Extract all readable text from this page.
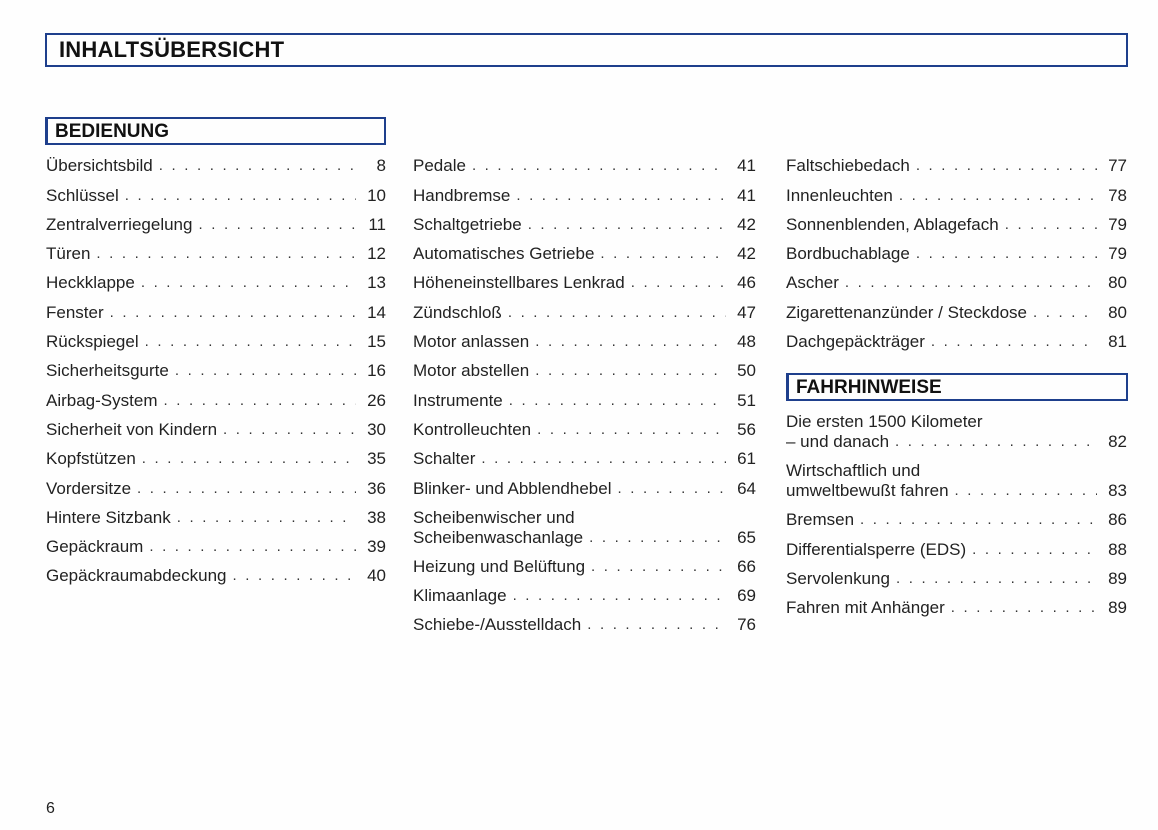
INHALTSÜBERSICHT
BEDIENUNG
Übersichtsbild . . .	8
Schlüssel . . .	10
Zentralverriegelung . . .	11
Türen . . .	12
Heckklappe . . .	13
Fenster . . .	14
Rückspiegel . . .	15
Sicherheitsgurte . . .	16
Airbag-System . . .	26
Sicherheit von Kindern . . .	30
Kopfstützen . . .	35
Vordersitze . . .	36
Hintere Sitzbank . . .	38
Gepäckraum . . .	39
Gepäckraumabdeckung . . .	40
Pedale . . .	41
Handbremse . . .	41
Schaltgetriebe . . .	42
Automatisches Getriebe . . .	42
Höheneinstellbares Lenkrad . . .	46
Zündschloß . . .	47
Motor anlassen . . .	48
Motor abstellen . . .	50
Instrumente . . .	51
Kontrolleuchten . . .	56
Schalter . . .	61
Blinker- und Abblendhebel . . .	64
Scheibenwischer und
Scheibenwaschanlage . . .	65
Heizung und Belüftung . . .	66
Klimaanlage . . .	69
Schiebe-/Ausstelldach . . .	76
Faltschiebedach . . .	77
Innenleuchten . . .	78
Sonnenblenden, Ablagefach . . .	79
Bordbuchablage . . .	79
Ascher . . .	80
Zigarettenanzünder / Steckdose . . .	80
Dachgepäckträger . . .	81
FAHRHINWEISE
Die ersten 1500 Kilometer
– und danach . . .	82
Wirtschaftlich und
umweltbewußt fahren . . .	83
Bremsen . . .	86
Differentialsperre (EDS) . . .	88
Servolenkung . . .	89
Fahren mit Anhänger . . .	89
6
